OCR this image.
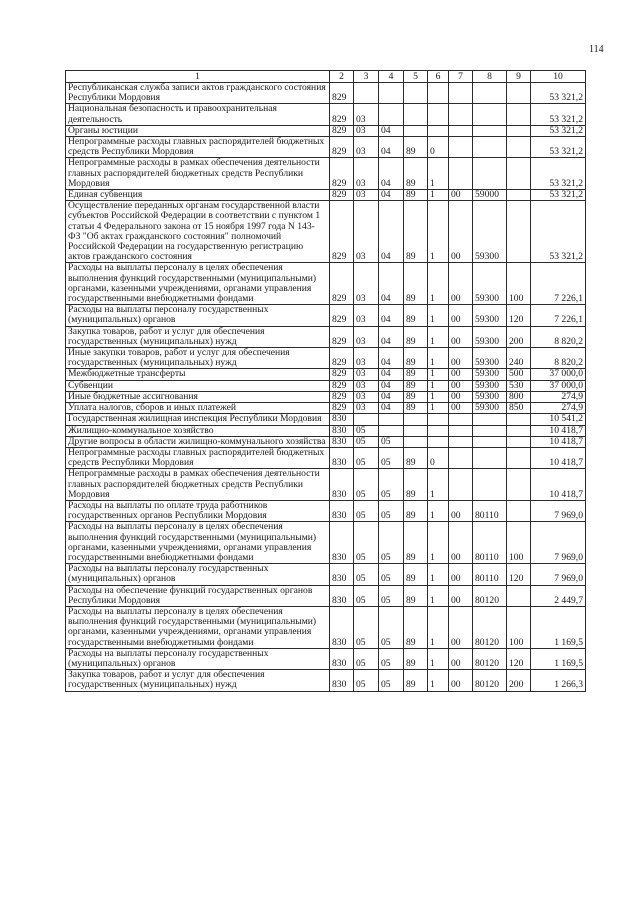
114
1	2	3	4	5	6	7	8	9	10
Республиканская служба записи актов гражданского состояния Республики Мордовия	829								53 321,2
Национальная безопасность и правоохранительная деятельность	829	03							53 321,2
Органы юстиции	829	03	04						53 321,2
Непрограммные расходы главных распорядителей бюджетных средств Республики Мордовия	829	03	04	89	0				53 321,2
Непрограммные расходы в рамках обеспечения деятельности главных распорядителей бюджетных средств Республики Мордовия	829	03	04	89	1				53 321,2
Единая субвенция	829	03	04	89	1	00	59000		53 321,2
Осуществление переданных органам государственной власти субъектов Российской Федерации в соответствии с пунктом 1 статьи 4 Федерального закона от 15 ноября 1997 года N 143-ФЗ "Об актах гражданского состояния" полномочий Российской Федерации на государственную регистрацию актов гражданского состояния	829	03	04	89	1	00	59300		53 321,2
Расходы на выплаты персоналу в целях обеспечения выполнения функций государственными (муниципальными) органами, казенными учреждениями, органами управления государственными внебюджетными фондами	829	03	04	89	1	00	59300	100	7 226,1
Расходы на выплаты персоналу государственных (муниципальных) органов	829	03	04	89	1	00	59300	120	7 226,1
Закупка товаров, работ и услуг для обеспечения государственных (муниципальных) нужд	829	03	04	89	1	00	59300	200	8 820,2
Иные закупки товаров, работ и услуг для обеспечения государственных (муниципальных) нужд	829	03	04	89	1	00	59300	240	8 820,2
Межбюджетные трансферты	829	03	04	89	1	00	59300	500	37 000,0
Субвенции	829	03	04	89	1	00	59300	530	37 000,0
Иные бюджетные ассигнования	829	03	04	89	1	00	59300	800	274,9
Уплата налогов, сборов и иных платежей	829	03	04	89	1	00	59300	850	274,9
Государственная жилищная инспекция Республики Мордовия	830								10 541,2
Жилищно-коммунальное хозяйство	830	05							10 418,7
Другие вопросы в области жилищно-коммунального хозяйства	830	05	05						10 418,7
Непрограммные расходы главных распорядителей бюджетных средств Республики Мордовия	830	05	05	89	0				10 418,7
Непрограммные расходы в рамках обеспечения деятельности главных распорядителей бюджетных средств Республики Мордовия	830	05	05	89	1				10 418,7
Расходы на выплаты по оплате труда работников государственных органов Республики Мордовия	830	05	05	89	1	00	80110		7 969,0
Расходы на выплаты персоналу в целях обеспечения выполнения функций государственными (муниципальными) органами, казенными учреждениями, органами управления государственными внебюджетными фондами	830	05	05	89	1	00	80110	100	7 969,0
Расходы на выплаты персоналу государственных (муниципальных) органов	830	05	05	89	1	00	80110	120	7 969,0
Расходы на обеспечение функций государственных органов Республики Мордовия	830	05	05	89	1	00	80120		2 449,7
Расходы на выплаты персоналу в целях обеспечения выполнения функций государственными (муниципальными) органами, казенными учреждениями, органами управления государственными внебюджетными фондами	830	05	05	89	1	00	80120	100	1 169,5
Расходы на выплаты персоналу государственных (муниципальных) органов	830	05	05	89	1	00	80120	120	1 169,5
Закупка товаров, работ и услуг для обеспечения государственных (муниципальных) нужд	830	05	05	89	1	00	80120	200	1 266,3
